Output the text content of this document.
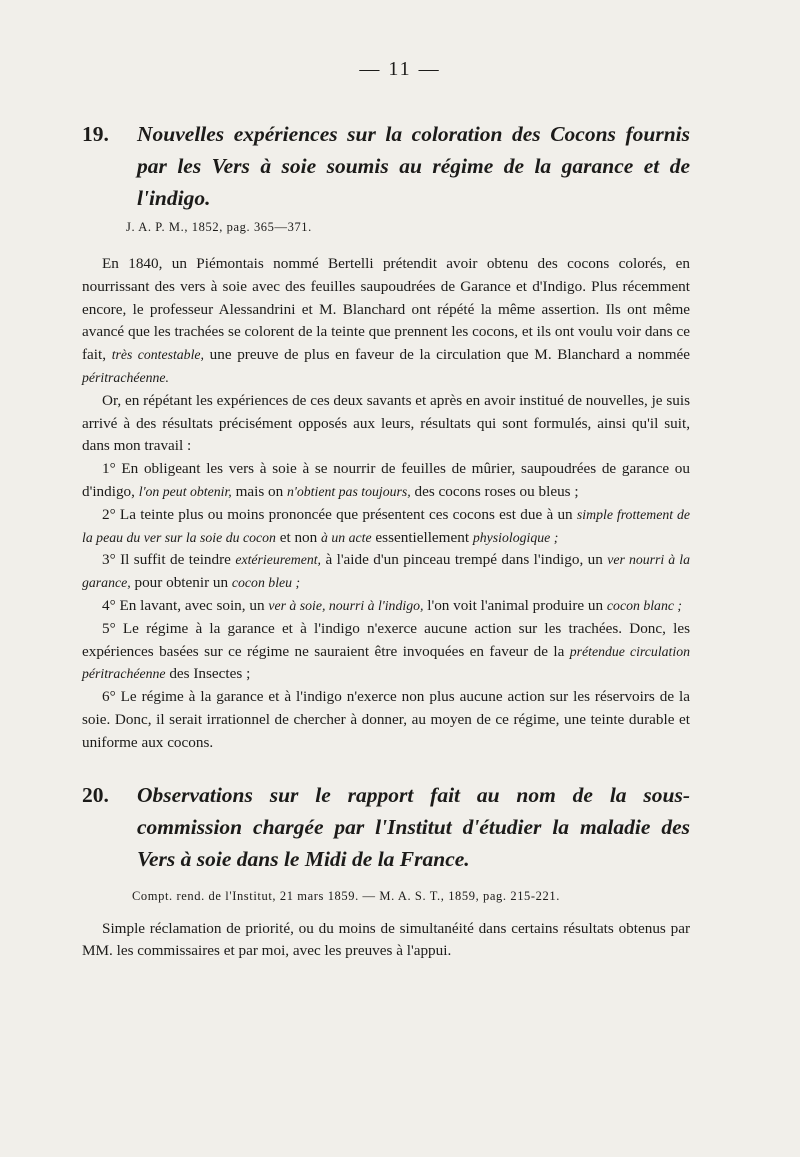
— 11 —
19. Nouvelles expériences sur la coloration des Cocons fournis par les Vers à soie soumis au régime de la garance et de l'indigo.
J. A. P. M., 1852, pag. 365—371.

En 1840, un Piémontais nommé Bertelli prétendit avoir obtenu des cocons colorés, en nourrissant des vers à soie avec des feuilles saupoudrées de Garance et d'Indigo. Plus récemment encore, le professeur Alessandrini et M. Blanchard ont répété la même assertion. Ils ont même avancé que les trachées se colorent de la teinte que prennent les cocons, et ils ont voulu voir dans ce fait, très contestable, une preuve de plus en faveur de la circulation que M. Blanchard a nommée péritrachéenne.

Or, en répétant les expériences de ces deux savants et après en avoir institué de nouvelles, je suis arrivé à des résultats précisément opposés aux leurs, résultats qui sont formulés, ainsi qu'il suit, dans mon travail :

1° En obligeant les vers à soie à se nourrir de feuilles de mûrier, saupoudrées de garance ou d'indigo, l'on peut obtenir, mais on n'obtient pas toujours, des cocons roses ou bleus ;

2° La teinte plus ou moins prononcée que présentent ces cocons est due à un simple frottement de la peau du ver sur la soie du cocon et non à un acte essentiellement physiologique ;

3° Il suffit de teindre extérieurement, à l'aide d'un pinceau trempé dans l'indigo, un ver nourri à la garance, pour obtenir un cocon bleu ;

4° En lavant, avec soin, un ver à soie, nourri à l'indigo, l'on voit l'animal produire un cocon blanc ;

5° Le régime à la garance et à l'indigo n'exerce aucune action sur les trachées. Donc, les expériences basées sur ce régime ne sauraient être invoquées en faveur de la prétendue circulation péritrachéenne des Insectes ;

6° Le régime à la garance et à l'indigo n'exerce non plus aucune action sur les réservoirs de la soie. Donc, il serait irrationnel de chercher à donner, au moyen de ce régime, une teinte durable et uniforme aux cocons.

20. Observations sur le rapport fait au nom de la sous-commission chargée par l'Institut d'étudier la maladie des Vers à soie dans le Midi de la France.
Compt. rend. de l'Institut, 21 mars 1859. — M. A. S. T., 1859, pag. 215-221.

Simple réclamation de priorité, ou du moins de simultanéité dans certains résultats obtenus par MM. les commissaires et par moi, avec les preuves à l'appui.
